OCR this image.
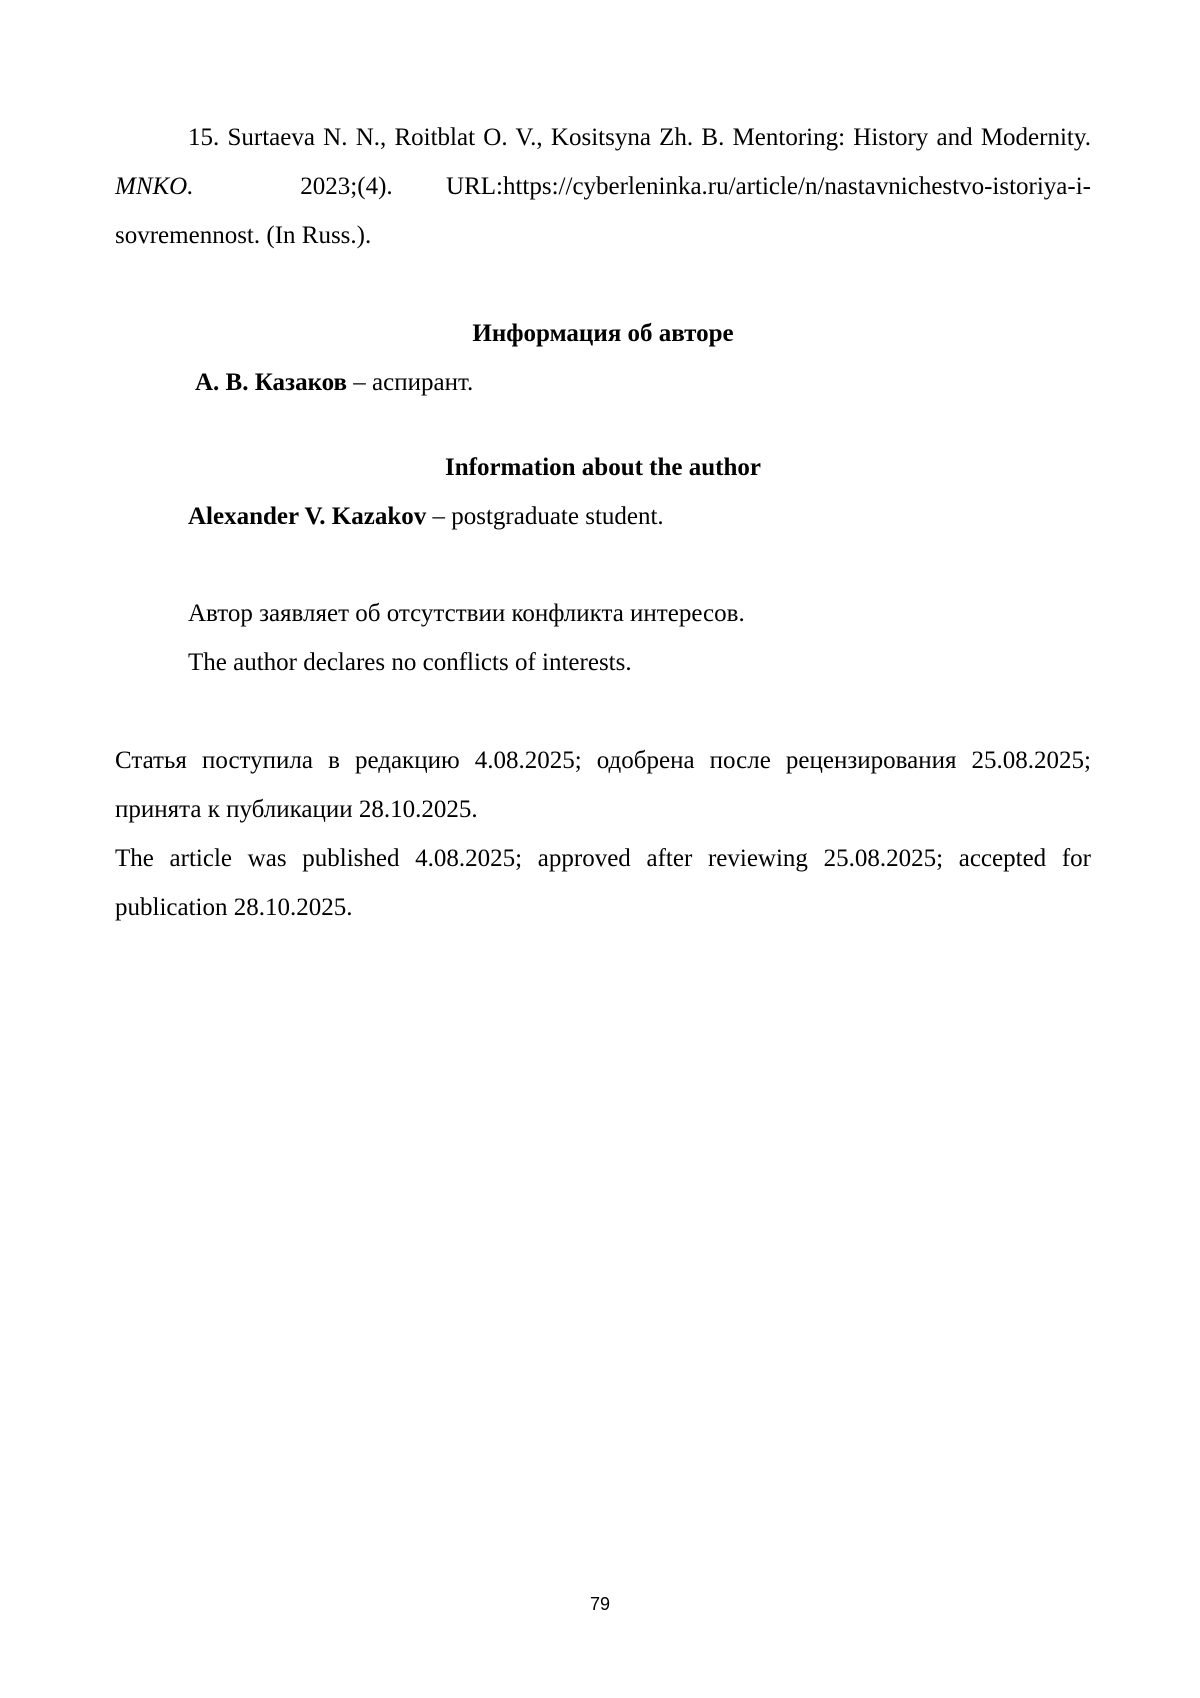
15. Surtaeva N. N., Roitblat O. V., Kositsyna Zh. B. Mentoring: History and Modernity. MNKO.	2023;(4). URL:https://cyberleninka.ru/article/n/nastavnichestvo-istoriya-i-sovremennost. (In Russ.).

Информация об авторе

А. В. Казаков – аспирант.

Information about the author

Alexander V. Kazakov – postgraduate student.

Автор заявляет об отсутствии конфликта интересов.

The author declares no conflicts of interests.

Статья поступила в редакцию 4.08.2025; одобрена после рецензирования 25.08.2025; принята к публикации 28.10.2025.

The article was published 4.08.2025; approved after reviewing 25.08.2025; accepted for publication 28.10.2025.

79
